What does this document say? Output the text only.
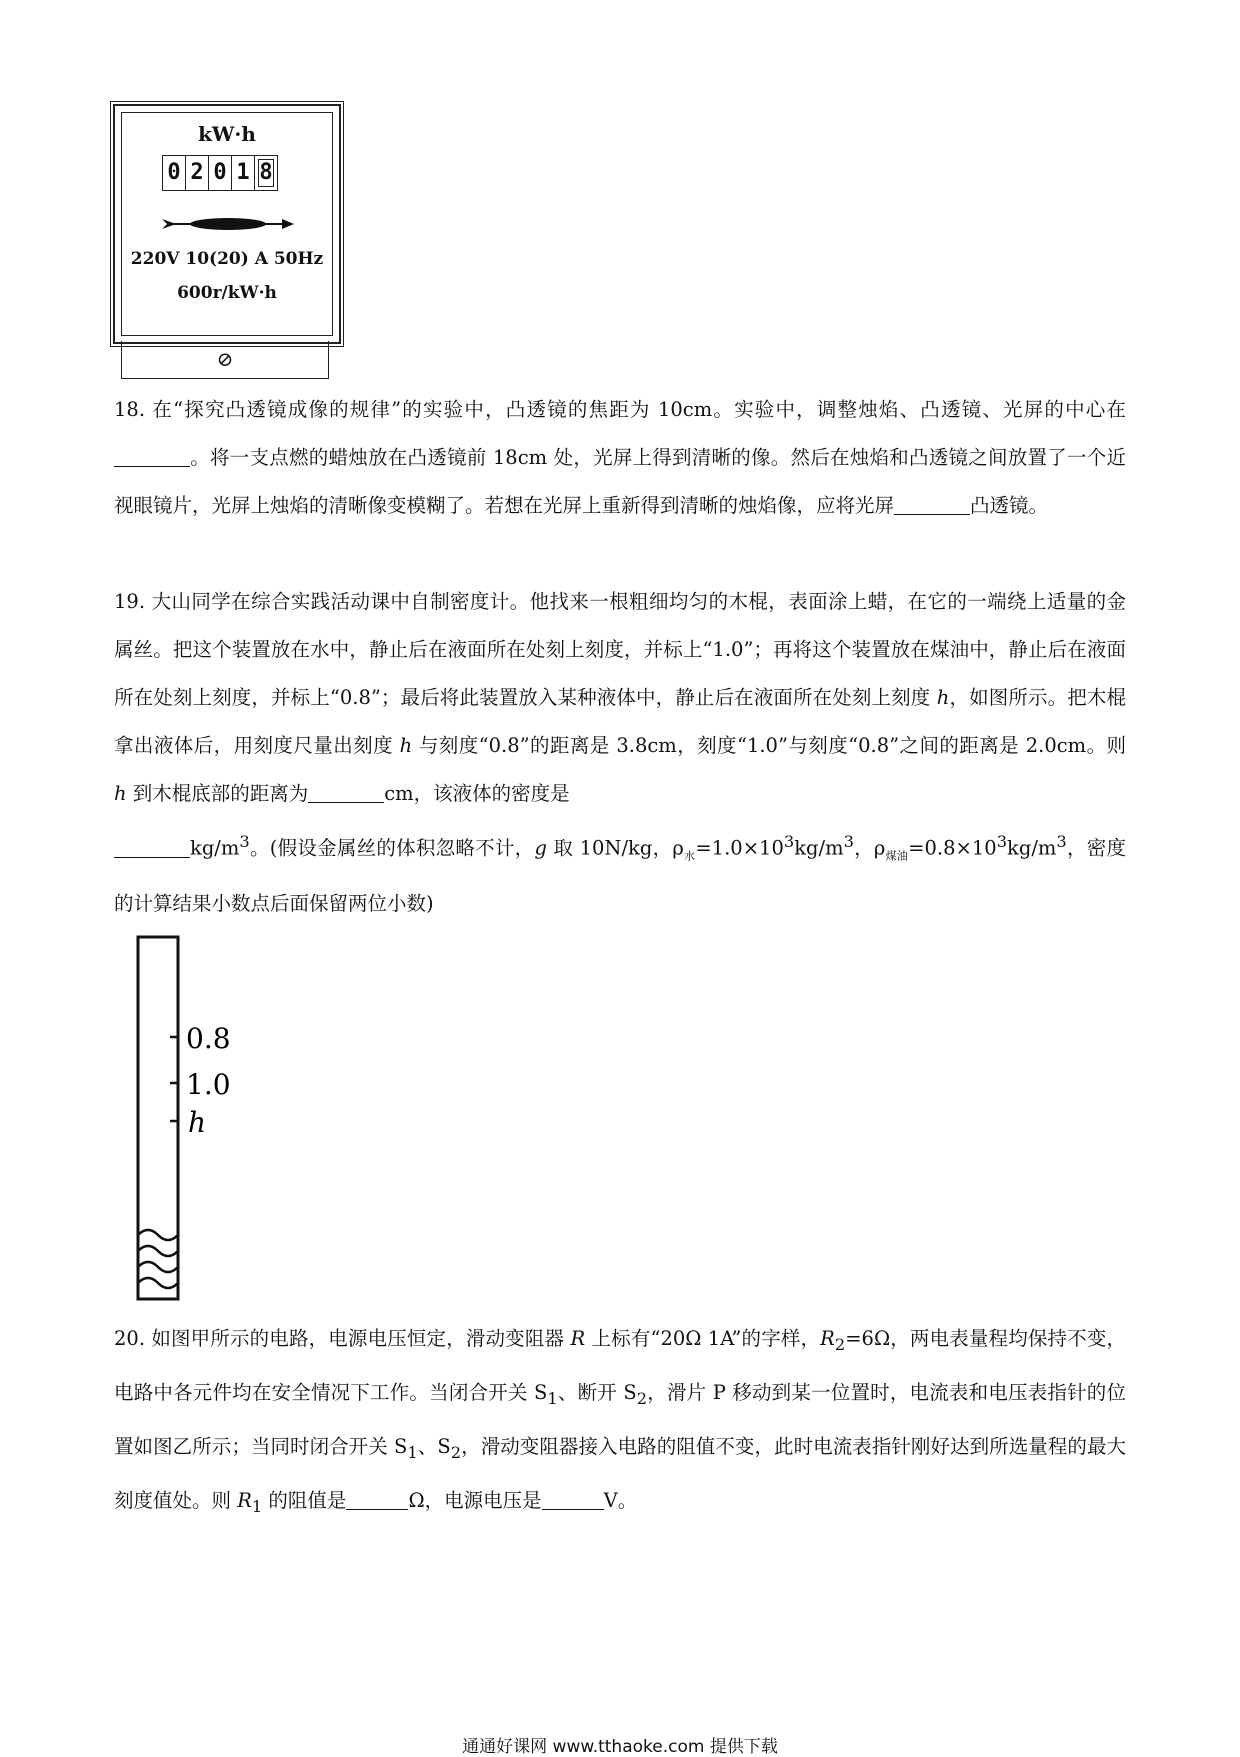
kW·h
0 2 0 1 8
220V 10(20) A 50Hz
600r/kW·h
⊘
18. 在“探究凸透镜成像的规律”的实验中，凸透镜的焦距为 10cm。实验中，调整烛焰、凸透镜、光屏的中心在。将一支点燃的蜡烛放在凸透镜前 18cm 处，光屏上得到清晰的像。然后在烛焰和凸透镜之间放置了一个近视眼镜片，光屏上烛焰的清晰像变模糊了。若想在光屏上重新得到清晰的烛焰像，应将光屏	凸透镜。
19. 大山同学在综合实践活动课中自制密度计。他找来一根粗细均匀的木棍，表面涂上蜡，在它的一端绕上适量的金属丝。把这个装置放在水中，静止后在液面所在处刻上刻度，并标上“1.0”；再将这个装置放在煤油中，静止后在液面所在处刻上刻度，并标上“0.8”；最后将此装置放入某种液体中，静止后在液面所在处刻上刻度 h，如图所示。把木棍拿出液体后，用刻度尺量出刻度 h 与刻度“0.8”的距离是 3.8cm，刻度“1.0”与刻度“0.8”之间的距离是 2.0cm。则 h 到木棍底部的距离为	cm，该液体的密度是
$kg/m^3$。(假设金属丝的体积忽略不计，g 取 10N/kg，$\rho_水=1.0\times 10^3kg/m^3$，$\rho_{煤油}=0.8\times 10^3kg/m^3$，密度的计算结果小数点后面保留两位小数)
0.8
1.0
h
20. 如图甲所示的电路，电源电压恒定，滑动变阻器 R 上标有“20Ω 1A”的字样，$R_2=6\Omega$，两电表量程均保持不变，电路中各元件均在安全情况下工作。当闭合开关 $S_1$、断开 $S_2$，滑片 P 移动到某一位置时，电流表和电压表指针的位置如图乙所示；当同时闭合开关 $S_1$、$S_2$，滑动变阻器接入电路的阻值不变，此时电流表指针刚好达到所选量程的最大刻度值处。则 $R_1$ 的阻值是	Ω，电源电压是	V。
通通好课网 www.tthaoke.com 提供下载
